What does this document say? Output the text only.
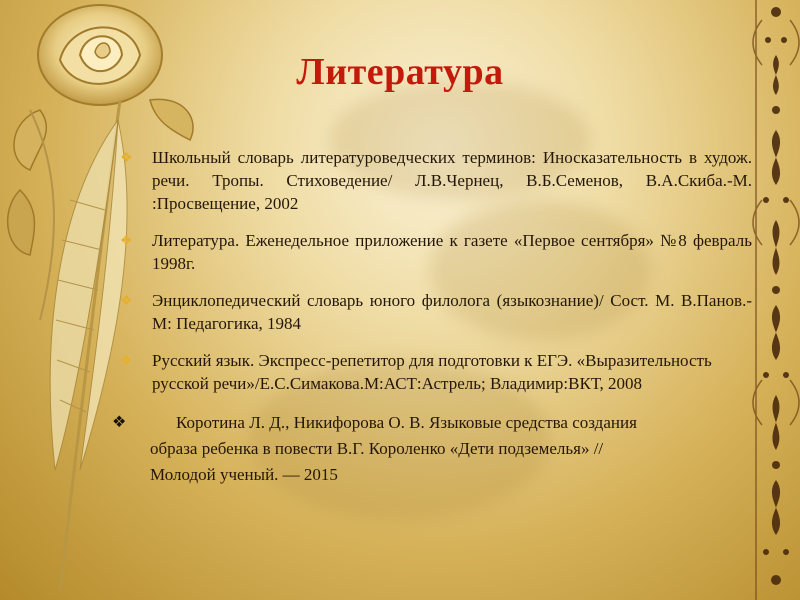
Литература
❖ Школьный словарь литературоведческих терминов: Иносказательность в худож. речи. Тропы. Стиховедение/ Л.В.Чернец, В.Б.Семенов, В.А.Скиба.-М. :Просвещение, 2002
❖ Литература. Еженедельное приложение к газете «Первое сентября» №8 февраль 1998г.
❖ Энциклопедический словарь юного филолога (языкознание)/ Сост. М. В.Панов.-М: Педагогика, 1984
❖ Русский язык. Экспресс-репетитор для подготовки к ЕГЭ. «Выразительность русской речи»/Е.С.Симакова.М:АСТ:Астрель; Владимир:ВКТ, 2008
❖	Коротина Л. Д., Никифорова О. В. Языковые средства создания
образа ребенка в повести В.Г. Короленко «Дети подземелья» //
Молодой ученый. — 2015
